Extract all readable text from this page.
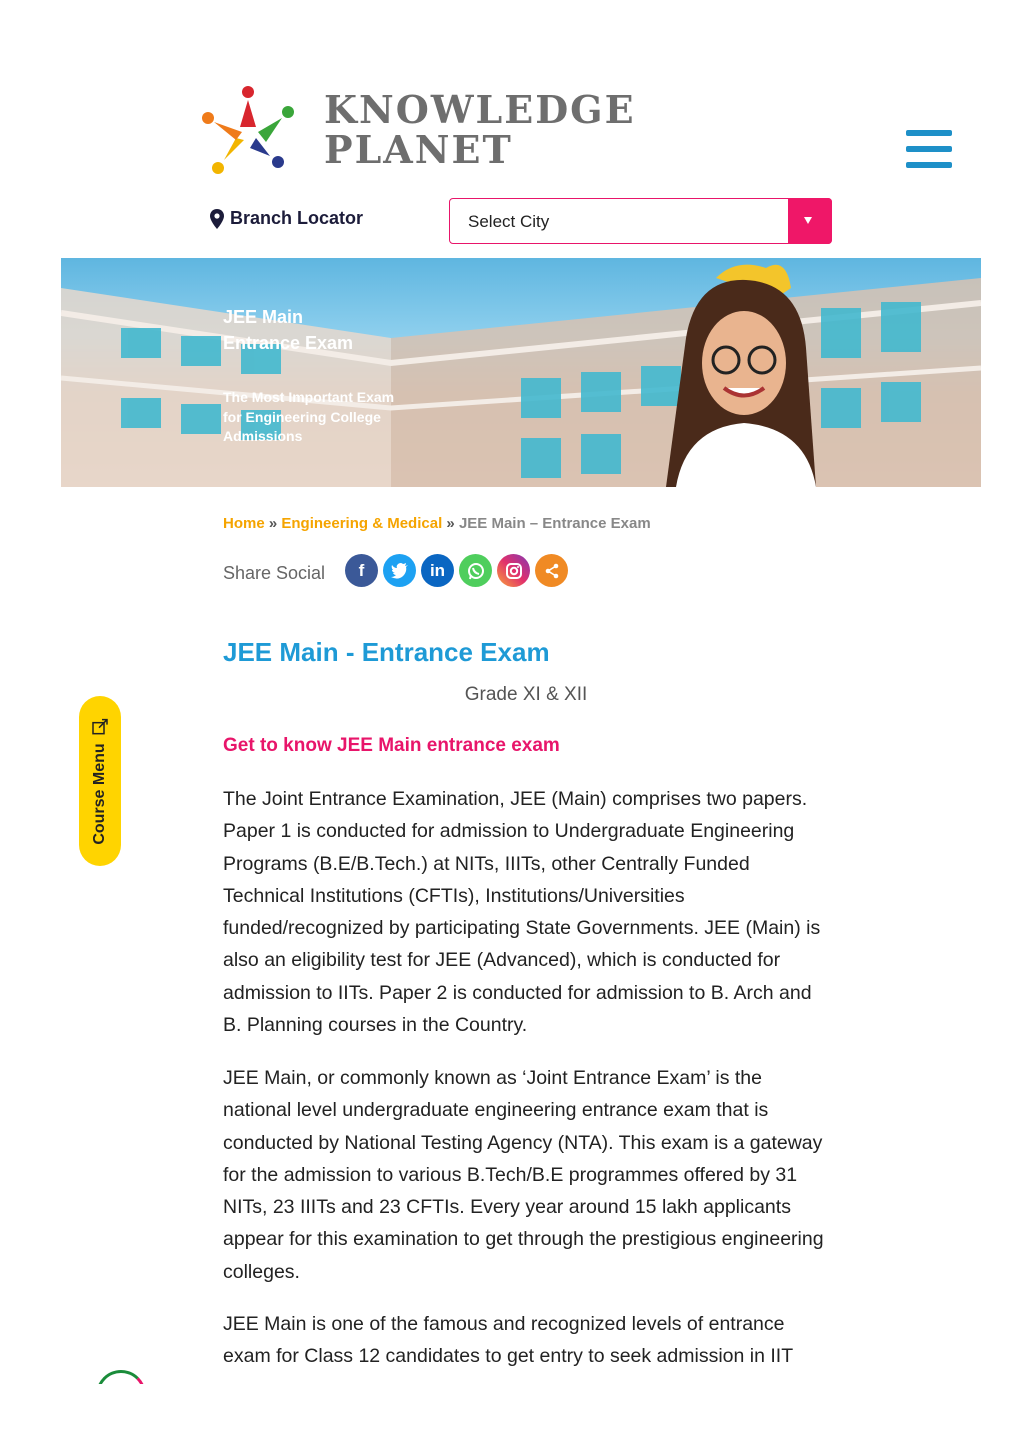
KNOWLEDGE
PLANET
Branch Locator	Select City
JEE Main
Entrance Exam
The Most Important Exam
for Engineering College
Admissions
Home » Engineering & Medical » JEE Main – Entrance Exam
Share Social	f	in
JEE Main - Entrance Exam
Grade XI & XII
Get to know JEE Main entrance exam

The Joint Entrance Examination, JEE (Main) comprises two papers. Paper 1 is conducted for admission to Undergraduate Engineering Programs (B.E/B.Tech.) at NITs, IIITs, other Centrally Funded Technical Institutions (CFTIs), Institutions/Universities funded/recognized by participating State Governments. JEE (Main) is also an eligibility test for JEE (Advanced), which is conducted for admission to IITs. Paper 2 is conducted for admission to B. Arch and B. Planning courses in the Country.

JEE Main, or commonly known as ‘Joint Entrance Exam’ is the national level undergraduate engineering entrance exam that is conducted by National Testing Agency (NTA). This exam is a gateway for the admission to various B.Tech/B.E programmes offered by 31 NITs, 23 IIITs and 23 CFTIs. Every year around 15 lakh applicants appear for this examination to get through the prestigious engineering colleges.

JEE Main is one of the famous and recognized levels of entrance exam for Class 12 candidates to get entry to seek admission in IIT

Course Menu
